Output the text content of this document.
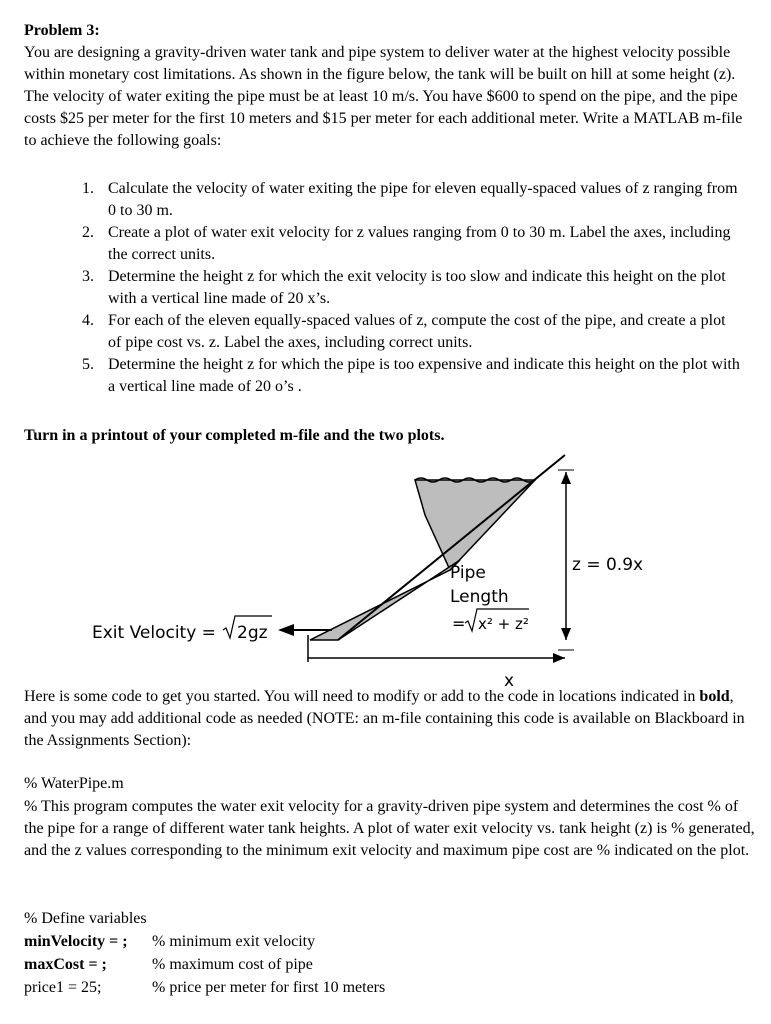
Problem 3:
You are designing a gravity-driven water tank and pipe system to deliver water at the highest velocity possible within monetary cost limitations. As shown in the figure below, the tank will be built on hill at some height (z). The velocity of water exiting the pipe must be at least 10 m/s. You have $600 to spend on the pipe, and the pipe costs $25 per meter for the first 10 meters and $15 per meter for each additional meter. Write a MATLAB m-file to achieve the following goals:
1. Calculate the velocity of water exiting the pipe for eleven equally-spaced values of z ranging from 0 to 30 m.
2. Create a plot of water exit velocity for z values ranging from 0 to 30 m. Label the axes, including the correct units.
3. Determine the height z for which the exit velocity is too slow and indicate this height on the plot with a vertical line made of 20 x’s.
4. For each of the eleven equally-spaced values of z, compute the cost of the pipe, and create a plot of pipe cost vs. z. Label the axes, including correct units.
5. Determine the height z for which the pipe is too expensive and indicate this height on the plot with a vertical line made of 20 o’s .
Turn in a printout of your completed m-file and the two plots.
Exit Velocity = 2gz
Pipe
Length
= x² + z²
z = 0.9x
x
Here is some code to get you started. You will need to modify or add to the code in locations indicated in bold, and you may add additional code as needed (NOTE: an m-file containing this code is available on Blackboard in the Assignments Section):
% WaterPipe.m
% This program computes the water exit velocity for a gravity-driven pipe system and determines the cost % of the pipe for a range of different water tank heights. A plot of water exit velocity vs. tank height (z) is % generated, and the z values corresponding to the minimum exit velocity and maximum pipe cost are % indicated on the plot.
% Define variables
minVelocity = ; % minimum exit velocity
maxCost = ;	% maximum cost of pipe
price1 = 25;	% price per meter for first 10 meters
